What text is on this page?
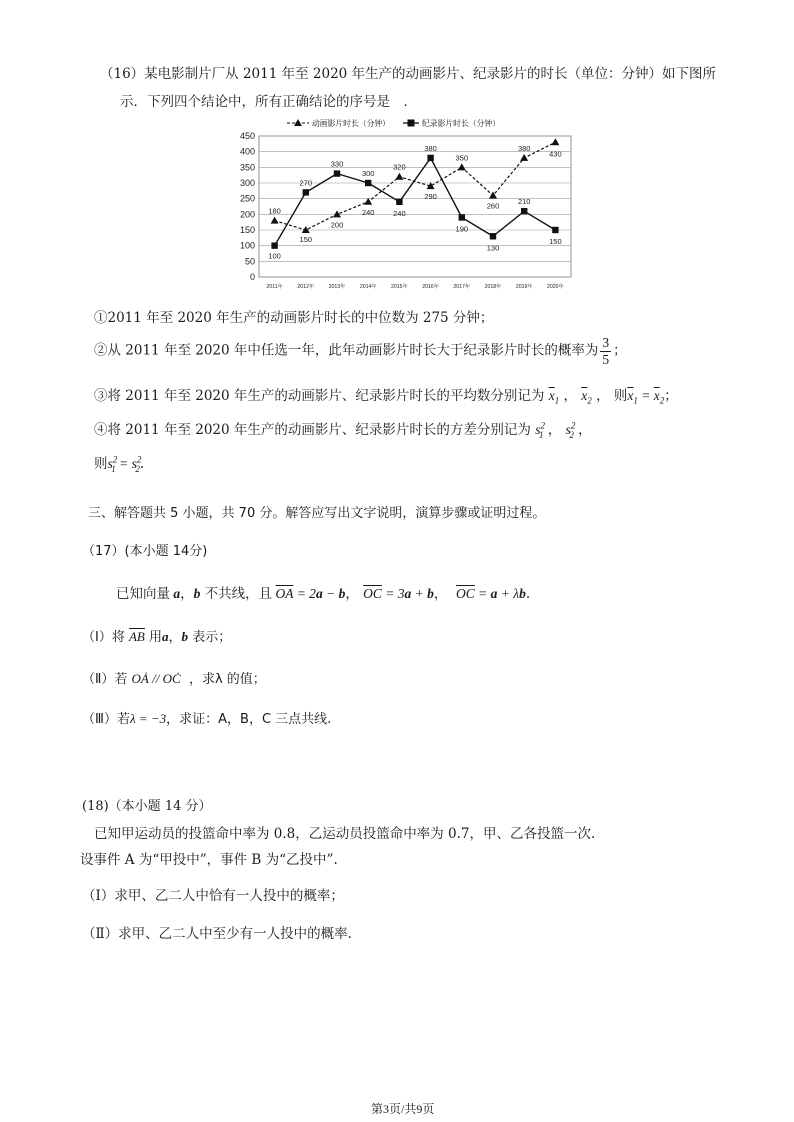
（16）某电影制片厂从 2011 年至 2020 年生产的动画影片、纪录影片的时长（单位：分钟）如下图所
示．下列四个结论中，所有正确结论的序号是　．
动画影片时长（分钟）	纪录影片时长（分钟）
0
50
100
150
200
250
300
350
400
450
2011年	2012年	2013年	2014年	2015年	2016年	2017年	2018年	2019年	2020年
180
150
200
240
320
290
350
260
380
430
100
270
330
300
240
380
190
130
210
150
①2011 年至 2020 年生产的动画影片时长的中位数为 275 分钟；
②从 2011 年至 2020 年中任选一年，此年动画影片时长大于纪录影片时长的概率为 $\frac{3}{5}$ ；
③将 2011 年至 2020 年生产的动画影片、纪录影片时长的平均数分别记为 $\overline{x}_1$ ， $\overline{x}_2$ ， 则$\overline{x}_1 = \overline{x}_2$；
④将 2011 年至 2020 年生产的动画影片、纪录影片时长的方差分别记为 $s^2_1$ ， $s^2_2$ ，
则$s^2_1 = s^2_2$.
三、解答题共 5 小题，共 70 分。解答应写出文字说明，演算步骤或证明过程。
（17）(本小题 14分)
已知向量 a，b 不共线，且 $\overline{OA} = 2a - b$， $\overline{OC} = 3a + b$，  $\overline{OC} = a + \lambda b$.
（Ⅰ）将 $\overline{AB}$ 用a，b 表示；
（Ⅱ）若 OȦ // OĊ ，求λ 的值；
（Ⅲ）若λ = −3，求证：A，B，C 三点共线.
(18)（本小题 14 分）
已知甲运动员的投篮命中率为 0.8，乙运动员投篮命中率为 0.7，甲、乙各投篮一次.
设事件 A 为“甲投中”，事件 B 为“乙投中”.
（Ⅰ）求甲、乙二人中恰有一人投中的概率；
（Ⅱ）求甲、乙二人中至少有一人投中的概率.
第3页/共9页
